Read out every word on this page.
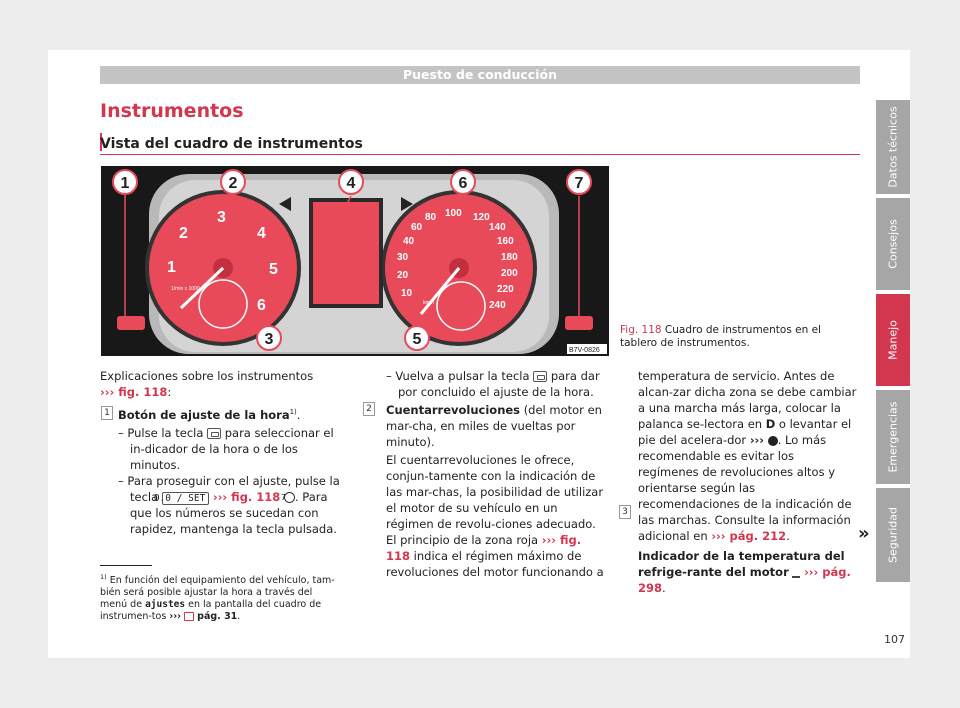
Puesto de conducción
Instrumentos
Vista del cuadro de instrumentos
1
2
3
4
5
6
1/min x 1000	10
20
30
40
60
80 100 120
140
160
180
200
220
240
km/h
1	2
3
4
5
6	7
B7V-0826
Fig. 118 Cuadro de instrumentos en el tablero de instrumentos.

Explicaciones sobre los instrumentos
››› fig. 118:

Botón de ajuste de la hora$^{1)}$.

– Pulse la tecla para seleccionar el in-dicador de la hora o de los minutos.

– Para proseguir con el ajuste, pulse la tecla 0.0 / SET ››› fig. 118 7 . Para que los números se sucedan con rapidez, mantenga la tecla pulsada.

1

– Vuelva a pulsar la tecla para dar por concluido el ajuste de la hora.

Cuentarrevoluciones (del motor en mar-cha, en miles de vueltas por minuto).

El cuentarrevoluciones le ofrece, conjun-tamente con la indicación de las mar-chas, la posibilidad de utilizar el motor de su vehículo en un régimen de revolu-ciones adecuado. El principio de la zona roja ››› fig. 118 indica el régimen máximo de revoluciones del motor funcionando a

2

temperatura de servicio. Antes de alcan-zar dicha zona se debe cambiar a una marcha más larga, colocar la palanca se-lectora en D o levantar el pie del acelera-dor ››› . Lo más recomendable es evitar los regímenes de revoluciones altos y orientarse según las recomendaciones de la indicación de las marchas. Consulte la información adicional en ››› pág. 212.

Indicador de la temperatura del refrige-rante del motor ››› pág. 298.

3
»
$^{1)}$ En función del equipamiento del vehículo, tam-bién será posible ajustar la hora a través del menú de ajustes en la pantalla del cuadro de instrumen-tos ››› pág. 31.
Datos técnicos
Consejos
Manejo
Emergencias
Seguridad
107
